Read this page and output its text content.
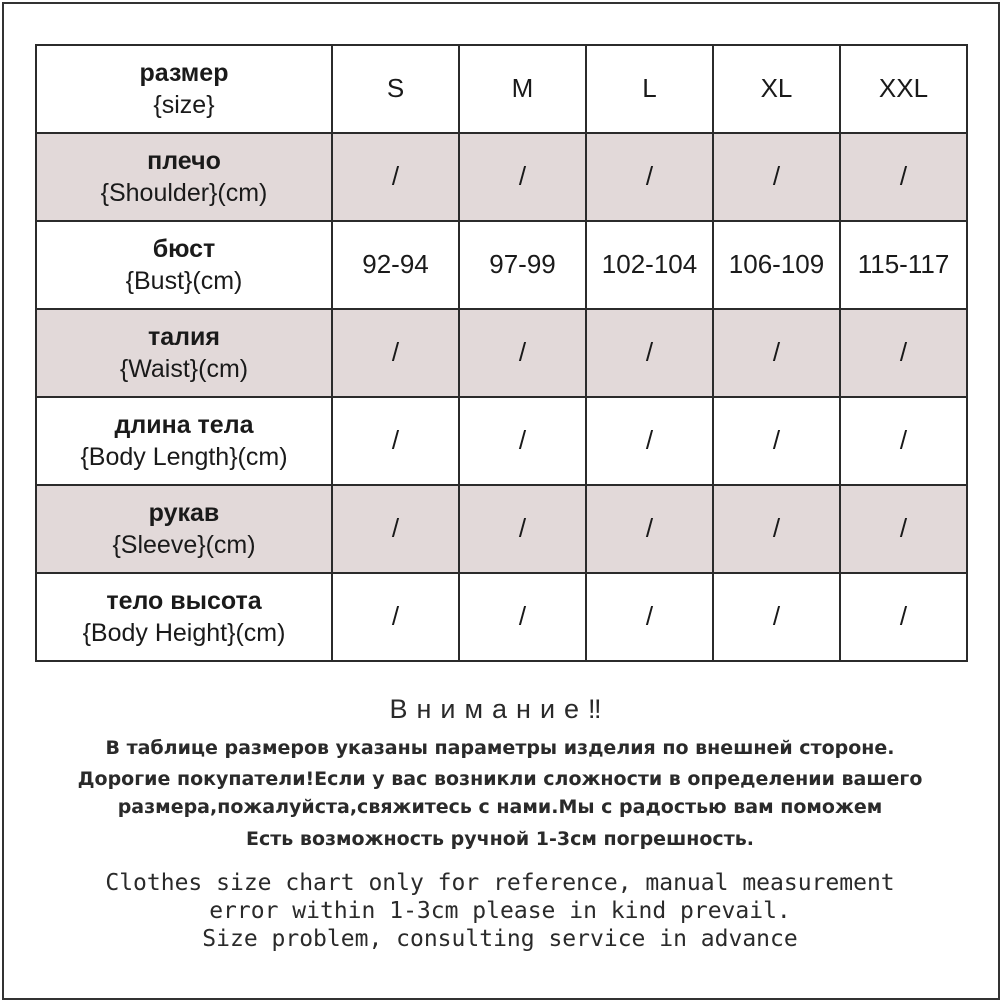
размер
{size}	S	M	L	XL	XXL

плечо
{Shoulder}(cm)	/	/	/	/	/

бюст
{Bust}(cm)	92-94	97-99	102-104	106-109	115-117

талия
{Waist}(cm)	/	/	/	/	/

длина тела
{Body Length}(cm)	/	/	/	/	/

рукав
{Sleeve}(cm)	/	/	/	/	/

тело высота
{Body Height}(cm)	/	/	/	/	/
Внимание‼
В таблице размеров указаны параметры изделия по внешней стороне.
Дорогие покупатели!Если у вас возникли сложности в определении вашего
размера,пожалуйста,свяжитесь с нами.Мы с радостью вам поможем
Есть возможность ручной 1-3см погрешность.
Clothes size chart only for reference, manual measurement
error within 1-3cm please in kind prevail.
Size problem, consulting service in advance
